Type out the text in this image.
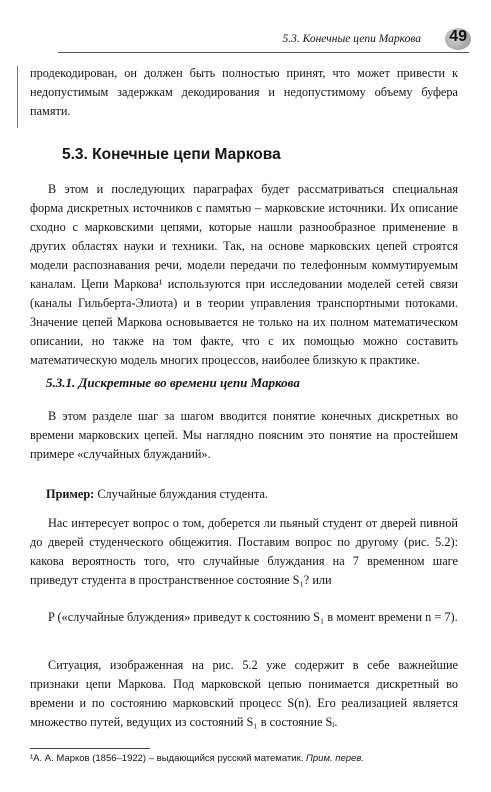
5.3. Конечные цепи Маркова 49

продекодирован, он должен быть полностью принят, что может привести к недопустимым задержкам декодирования и недопустимому объему буфера памяти.

5.3. Конечные цепи Маркова

В этом и последующих параграфах будет рассматриваться специальная форма дискретных источников с памятью – марковские источники. Их описание сходно с марковскими цепями, которые нашли разнообразное применение в других областях науки и техники. Так, на основе марковских цепей строятся модели распознавания речи, модели передачи по телефонным коммутируемым каналам. Цепи Маркова¹ используются при исследовании моделей сетей связи (каналы Гильберта-Элиота) и в теории управления транспортными потоками. Значение цепей Маркова основывается не только на их полном математическом описании, но также на том факте, что с их помощью можно составить математическую модель многих процессов, наиболее близкую к практике.

5.3.1. Дискретные во времени цепи Маркова

В этом разделе шаг за шагом вводится понятие конечных дискретных во времени марковских цепей. Мы наглядно поясним это понятие на простейшем примере «случайных блужданий».

Пример: Случайные блуждания студента.

Нас интересует вопрос о том, доберется ли пьяный студент от дверей пивной до дверей студенческого общежития. Поставим вопрос по другому (рис. 5.2): какова вероятность того, что случайные блуждания на 7 временном шаге приведут студента в пространственное состояние S₁? или

P («случайные блуждения» приведут к состоянию S₁ в момент времени n = 7).

Ситуация, изображенная на рис. 5.2 уже содержит в себе важнейшие признаки цепи Маркова. Под марковской цепью понимается дискретный во времени и по состоянию марковский процесс S(n). Его реализацией является множество путей, ведущих из состояний S₁ в состояние Sᵢ.

¹А. А. Марков (1856–1922) – выдающийся русский математик. Прим. перев.
